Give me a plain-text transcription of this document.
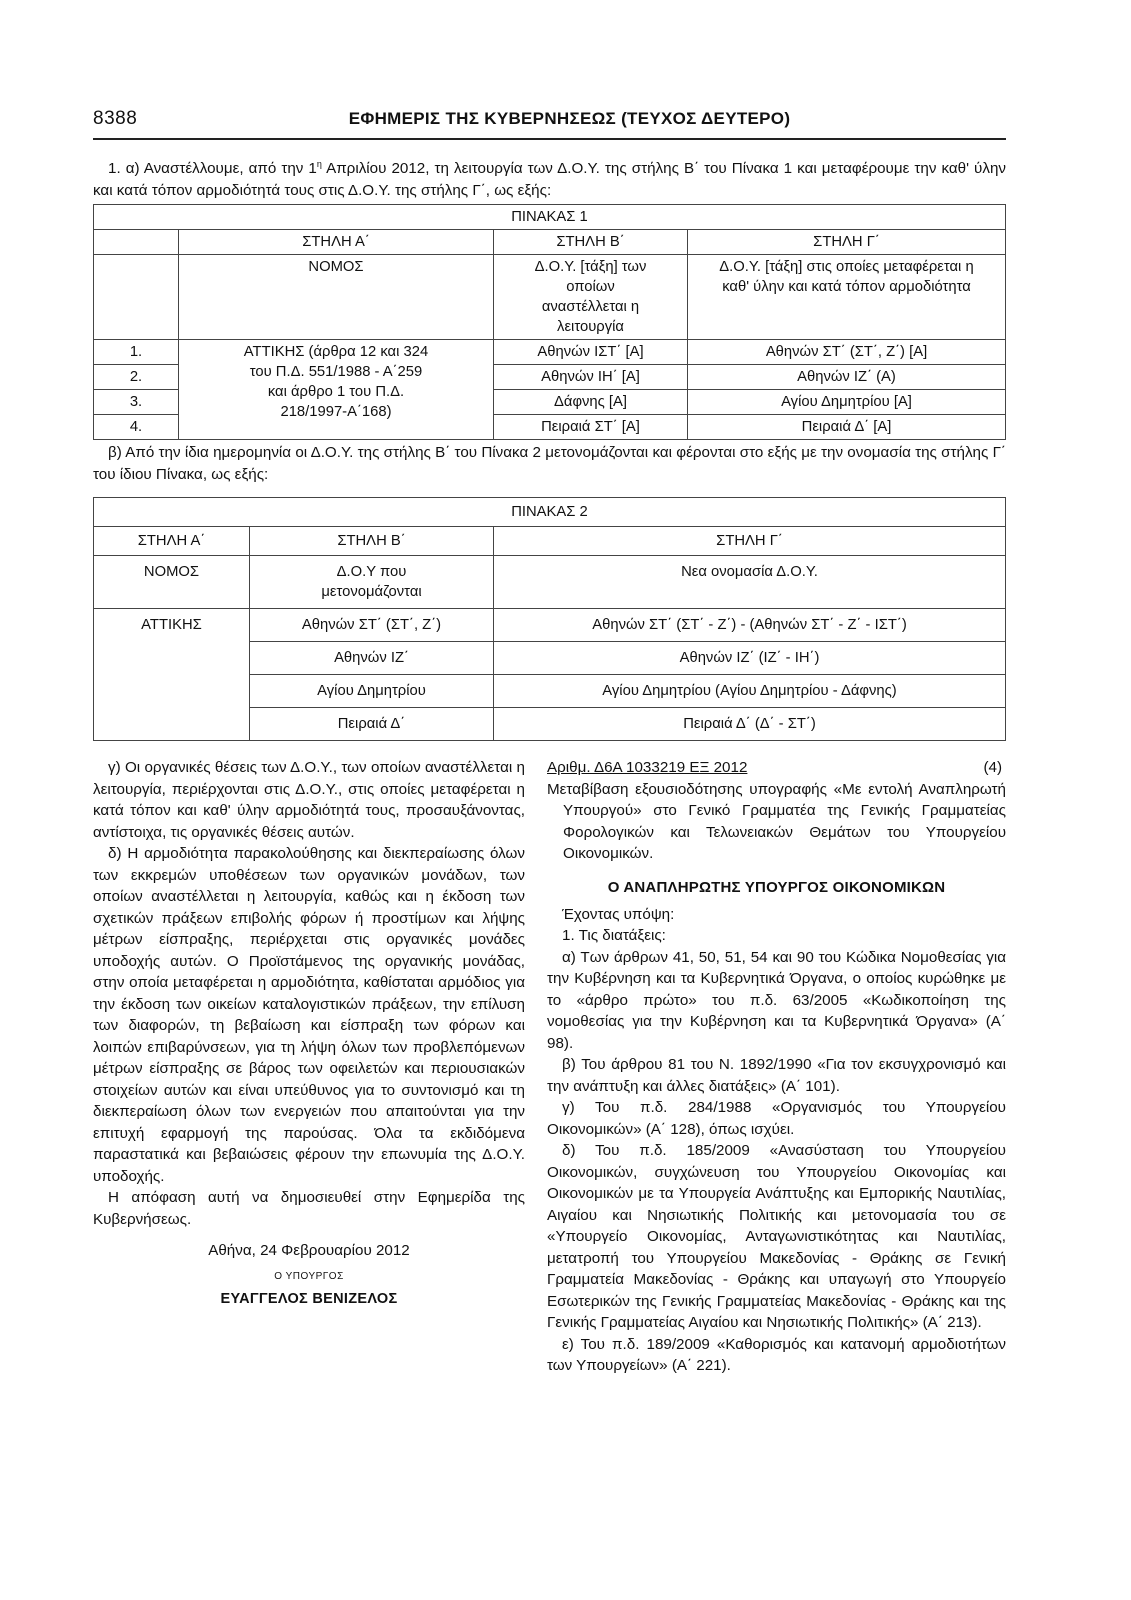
8388	ΕΦΗΜΕΡΙΣ ΤΗΣ ΚΥΒΕΡΝΗΣΕΩΣ (ΤΕΥΧΟΣ ΔΕΥΤΕΡΟ)

1. α) Αναστέλλουμε, από την $1^\eta$ Απριλίου 2012, τη λειτουργία των Δ.Ο.Υ. της στήλης Β΄ του Πίνακα 1 και μεταφέρουμε την καθ' ύλην και κατά τόπον αρμοδιότητά τους στις Δ.Ο.Υ. της στήλης Γ΄, ως εξής:

ΠΙΝΑΚΑΣ 1			
	ΣΤΗΛΗ Α΄	ΣΤΗΛΗ Β΄	ΣΤΗΛΗ Γ΄
	ΝΟΜΟΣ	Δ.Ο.Υ. [τάξη] των οποίων αναστέλλεται η λειτουργία	Δ.Ο.Υ. [τάξη] στις οποίες μεταφέρεται η καθ' ύλην και κατά τόπον αρμοδιότητα
1.	ΑΤΤΙΚΗΣ (άρθρα 12 και 324 του Π.Δ. 551/1988 - Α΄259 και άρθρο 1 του Π.Δ. 218/1997-Α΄168)	Αθηνών ΙΣΤ΄ [Α]	Αθηνών ΣΤ΄ (ΣΤ΄, Ζ΄) [Α]
2.		Αθηνών ΙΗ΄ [Α]	Αθηνών ΙΖ΄ (Α)
3.		Δάφνης [Α]	Αγίου Δημητρίου [Α]
4.		Πειραιά ΣΤ΄ [Α]	Πειραιά Δ΄ [Α]

β) Από την ίδια ημερομηνία οι Δ.Ο.Υ. της στήλης Β΄ του Πίνακα 2 μετονομάζονται και φέρονται στο εξής με την ονομασία της στήλης Γ΄ του ίδιου Πίνακα, ως εξής:

ΠΙΝΑΚΑΣ 2		
ΣΤΗΛΗ Α΄	ΣΤΗΛΗ Β΄	ΣΤΗΛΗ Γ΄
ΝΟΜΟΣ	Δ.Ο.Υ που μετονομάζονται	Νεα ονομασία Δ.Ο.Υ.
ΑΤΤΙΚΗΣ	Αθηνών ΣΤ΄ (ΣΤ΄, Ζ΄)	Αθηνών ΣΤ΄ (ΣΤ΄ - Ζ΄) - (Αθηνών ΣΤ΄ - Ζ΄ - ΙΣΤ΄)
	Αθηνών ΙΖ΄	Αθηνών ΙΖ΄ (ΙΖ΄ - ΙΗ΄)
	Αγίου Δημητρίου	Αγίου Δημητρίου (Αγίου Δημητρίου - Δάφνης)
	Πειραιά Δ΄	Πειραιά Δ΄ (Δ΄ - ΣΤ΄)

γ) Οι οργανικές θέσεις των Δ.Ο.Υ., των οποίων αναστέλλεται η λειτουργία, περιέρχονται στις Δ.Ο.Υ., στις οποίες μεταφέρεται η κατά τόπον και καθ' ύλην αρμοδιότητά τους, προσαυξάνοντας, αντίστοιχα, τις οργανικές θέσεις αυτών.

δ) Η αρμοδιότητα παρακολούθησης και διεκπεραίωσης όλων των εκκρεμών υποθέσεων των οργανικών μονάδων, των οποίων αναστέλλεται η λειτουργία, καθώς και η έκδοση των σχετικών πράξεων επιβολής φόρων ή προστίμων και λήψης μέτρων είσπραξης, περιέρχεται στις οργανικές μονάδες υποδοχής αυτών. Ο Προϊστάμενος της οργανικής μονάδας, στην οποία μεταφέρεται η αρμοδιότητα, καθίσταται αρμόδιος για την έκδοση των οικείων καταλογιστικών πράξεων, την επίλυση των διαφορών, τη βεβαίωση και είσπραξη των φόρων και λοιπών επιβαρύνσεων, για τη λήψη όλων των προβλεπόμενων μέτρων είσπραξης σε βάρος των οφειλετών και περιουσιακών στοιχείων αυτών και είναι υπεύθυνος για το συντονισμό και τη διεκπεραίωση όλων των ενεργειών που απαιτούνται για την επιτυχή εφαρμογή της παρούσας. Όλα τα εκδιδόμενα παραστατικά και βεβαιώσεις φέρουν την επωνυμία της Δ.Ο.Υ. υποδοχής.

Η απόφαση αυτή να δημοσιευθεί στην Εφημερίδα της Κυβερνήσεως.

Αθήνα, 24 Φεβρουαρίου 2012

Ο ΥΠΟΥΡΓΟΣ

ΕΥΑΓΓΕΛΟΣ ΒΕΝΙΖΕΛΟΣ

Αριθμ. Δ6Α 1033219 ΕΞ 2012	(4)

Μεταβίβαση εξουσιοδότησης υπογραφής «Με εντολή Αναπληρωτή Υπουργού» στο Γενικό Γραμματέα της Γενικής Γραμματείας Φορολογικών και Τελωνειακών Θεμάτων του Υπουργείου Οικονομικών.

Ο ΑΝΑΠΛΗΡΩΤΗΣ ΥΠΟΥΡΓΟΣ ΟΙΚΟΝΟΜΙΚΩΝ

Έχοντας υπόψη:

1. Τις διατάξεις:

α) Των άρθρων 41, 50, 51, 54 και 90 του Κώδικα Νομοθεσίας για την Κυβέρνηση και τα Κυβερνητικά Όργανα, ο οποίος κυρώθηκε με το «άρθρο πρώτο» του π.δ. 63/2005 «Κωδικοποίηση της νομοθεσίας για την Κυβέρνηση και τα Κυβερνητικά Όργανα» (Α΄ 98).

β) Του άρθρου 81 του Ν. 1892/1990 «Για τον εκσυγχρονισμό και την ανάπτυξη και άλλες διατάξεις» (Α΄ 101).

γ) Του π.δ. 284/1988 «Οργανισμός του Υπουργείου Οικονομικών» (Α΄ 128), όπως ισχύει.

δ) Του π.δ. 185/2009 «Ανασύσταση του Υπουργείου Οικονομικών, συγχώνευση του Υπουργείου Οικονομίας και Οικονομικών με τα Υπουργεία Ανάπτυξης και Εμπορικής Ναυτιλίας, Αιγαίου και Νησιωτικής Πολιτικής και μετονομασία του σε «Υπουργείο Οικονομίας, Ανταγωνιστικότητας και Ναυτιλίας, μετατροπή του Υπουργείου Μακεδονίας - Θράκης σε Γενική Γραμματεία Μακεδονίας - Θράκης και υπαγωγή στο Υπουργείο Εσωτερικών της Γενικής Γραμματείας Μακεδονίας - Θράκης και της Γενικής Γραμματείας Αιγαίου και Νησιωτικής Πολιτικής» (Α΄ 213).

ε) Του π.δ. 189/2009 «Καθορισμός και κατανομή αρμοδιοτήτων των Υπουργείων» (Α΄ 221).
